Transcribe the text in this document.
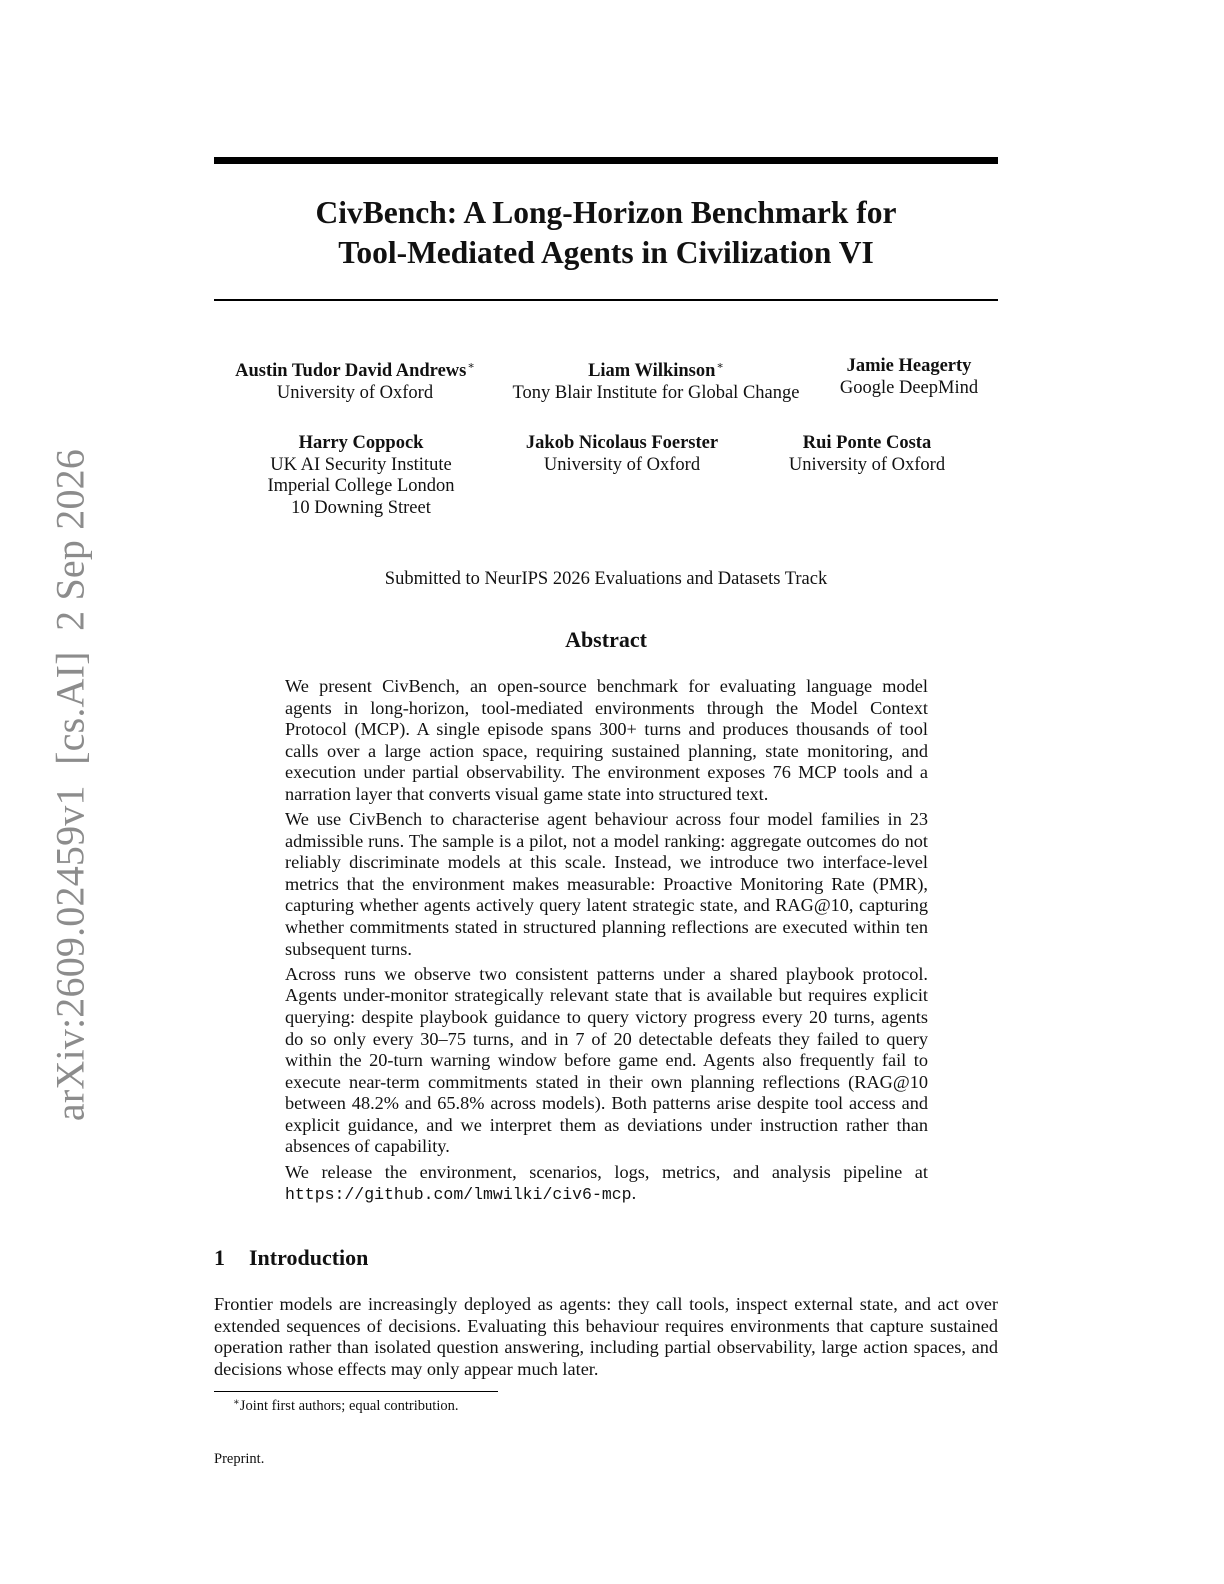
arXiv:2609.02459v1  [cs.AI]  2 Sep 2026
CivBench: A Long-Horizon Benchmark for
Tool-Mediated Agents in Civilization VI
Austin Tudor David Andrews∗
University of Oxford
Liam Wilkinson∗
Tony Blair Institute for Global Change
Jamie Heagerty
Google DeepMind
Harry Coppock
UK AI Security Institute
Imperial College London
10 Downing Street
Jakob Nicolaus Foerster
University of Oxford
Rui Ponte Costa
University of Oxford
Submitted to NeurIPS 2026 Evaluations and Datasets Track
Abstract

We present CivBench, an open-source benchmark for evaluating language model agents in long-horizon, tool-mediated environments through the Model Context Protocol (MCP). A single episode spans 300+ turns and produces thousands of tool calls over a large action space, requiring sustained planning, state monitoring, and execution under partial observability. The environment exposes 76 MCP tools and a narration layer that converts visual game state into structured text.

We use CivBench to characterise agent behaviour across four model families in 23 admissible runs. The sample is a pilot, not a model ranking: aggregate outcomes do not reliably discriminate models at this scale. Instead, we introduce two interface-level metrics that the environment makes measurable: Proactive Monitoring Rate (PMR), capturing whether agents actively query latent strategic state, and RAG@10, capturing whether commitments stated in structured planning reflections are executed within ten subsequent turns.

Across runs we observe two consistent patterns under a shared playbook protocol. Agents under-monitor strategically relevant state that is available but requires explicit querying: despite playbook guidance to query victory progress every 20 turns, agents do so only every 30–75 turns, and in 7 of 20 detectable defeats they failed to query within the 20-turn warning window before game end. Agents also frequently fail to execute near-term commitments stated in their own planning reflections (RAG@10 between 48.2% and 65.8% across models). Both patterns arise despite tool access and explicit guidance, and we interpret them as deviations under instruction rather than absences of capability.

We release the environment, scenarios, logs, metrics, and analysis pipeline at https://github.com/lmwilki/civ6-mcp.

1 Introduction

Frontier models are increasingly deployed as agents: they call tools, inspect external state, and act over extended sequences of decisions. Evaluating this behaviour requires environments that capture sustained operation rather than isolated question answering, including partial observability, large action spaces, and decisions whose effects may only appear much later.

∗Joint first authors; equal contribution.
Preprint.
